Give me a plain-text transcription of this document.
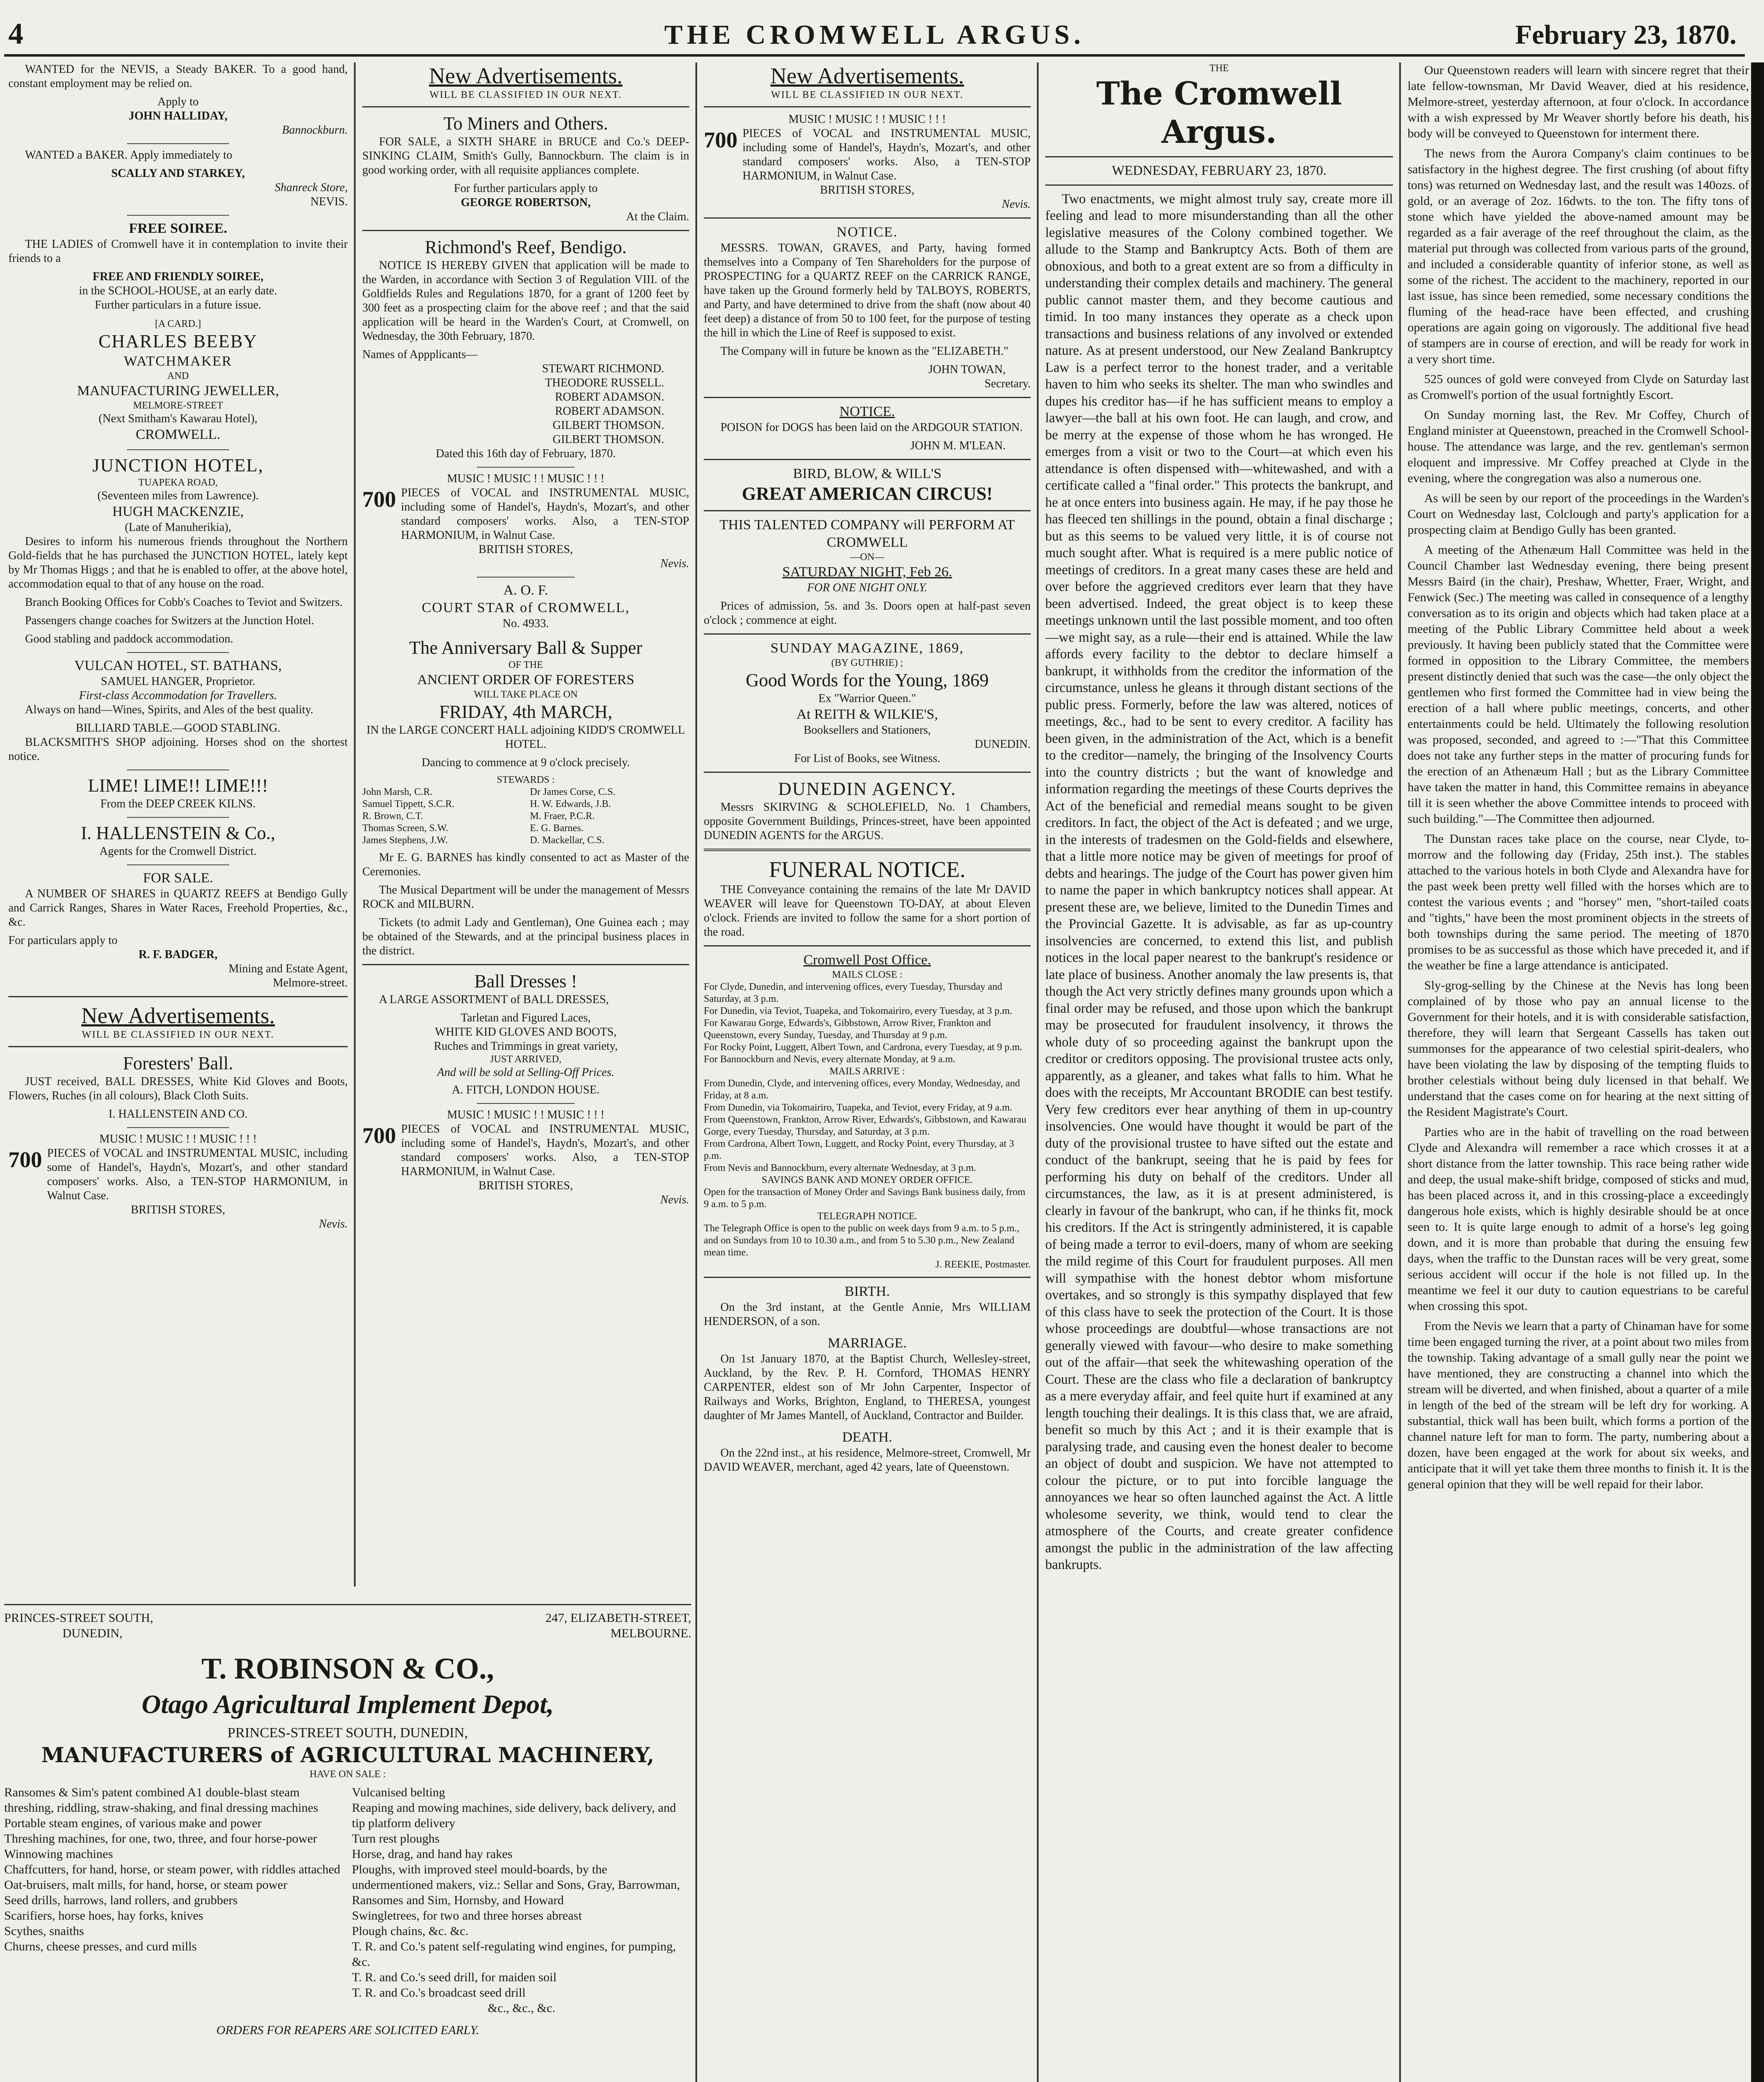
4	THE CROMWELL ARGUS.	February 23, 1870.

WANTED for the NEVIS, a Steady BAKER. To a good hand, constant employment may be relied on.

Apply to
JOHN HALLIDAY,
Bannockburn.

WANTED a BAKER. Apply immediately to

SCALLY AND STARKEY,
Shanreck Store,
NEVIS.
FREE SOIREE.

THE LADIES of Cromwell have it in contemplation to invite their friends to a

FREE AND FRIENDLY SOIREE,
in the SCHOOL-HOUSE, at an early date.
Further particulars in a future issue.
[A CARD.]
CHARLES BEEBY
WATCHMAKER
AND
MANUFACTURING JEWELLER,
MELMORE-STREET
(Next Smitham's Kawarau Hotel),
CROMWELL.
JUNCTION HOTEL,
TUAPEKA ROAD,
(Seventeen miles from Lawrence).
HUGH MACKENZIE,
(Late of Manuherikia),

Desires to inform his numerous friends throughout the Northern Gold-fields that he has purchased the JUNCTION HOTEL, lately kept by Mr Thomas Higgs ; and that he is enabled to offer, at the above hotel, accommodation equal to that of any house on the road.

Branch Booking Offices for Cobb's Coaches to Teviot and Switzers.

Passengers change coaches for Switzers at the Junction Hotel.

Good stabling and paddock accommodation.

VULCAN HOTEL, ST. BATHANS,
SAMUEL HANGER, Proprietor.
First-class Accommodation for Travellers.

Always on hand—Wines, Spirits, and Ales of the best quality.

BILLIARD TABLE.—GOOD STABLING.

BLACKSMITH'S SHOP adjoining. Horses shod on the shortest notice.

LIME! LIME!! LIME!!!
From the DEEP CREEK KILNS.
I. HALLENSTEIN & Co.,
Agents for the Cromwell District.
FOR SALE.

A NUMBER OF SHARES in QUARTZ REEFS at Bendigo Gully and Carrick Ranges, Shares in Water Races, Freehold Properties, &c., &c.

For particulars apply to
R. F. BADGER,
Mining and Estate Agent,
Melmore-street.
New Advertisements.
WILL BE CLASSIFIED IN OUR NEXT.
Foresters' Ball.

JUST received, BALL DRESSES, White Kid Gloves and Boots, Flowers, Ruches (in all colours), Black Cloth Suits.

I. HALLENSTEIN AND CO.
MUSIC ! MUSIC ! ! MUSIC ! ! !
700 PIECES of VOCAL and INSTRUMENTAL MUSIC, including some of Handel's, Haydn's, Mozart's, and other standard composers' works. Also, a TEN-STOP HARMONIUM, in Walnut Case.
BRITISH STORES,
Nevis.
New Advertisements.
WILL BE CLASSIFIED IN OUR NEXT.
To Miners and Others.

FOR SALE, a SIXTH SHARE in BRUCE and Co.'s DEEP-SINKING CLAIM, Smith's Gully, Bannockburn. The claim is in good working order, with all requisite appliances complete.

For further particulars apply to
GEORGE ROBERTSON,
At the Claim.
Richmond's Reef, Bendigo.

NOTICE IS HEREBY GIVEN that application will be made to the Warden, in accordance with Section 3 of Regulation VIII. of the Goldfields Rules and Regulations 1870, for a grant of 1200 feet by 300 feet as a prospecting claim for the above reef ; and that the said application will be heard in the Warden's Court, at Cromwell, on Wednesday, the 30th February, 1870.

Names of Appplicants—
STEWART RICHMOND.
THEODORE RUSSELL.
ROBERT ADAMSON.
ROBERT ADAMSON.
GILBERT THOMSON.
GILBERT THOMSON.
Dated this 16th day of February, 1870.
MUSIC ! MUSIC ! ! MUSIC ! ! !
700 PIECES of VOCAL and INSTRUMENTAL MUSIC, including some of Handel's, Haydn's, Mozart's, and other standard composers' works. Also, a TEN-STOP HARMONIUM, in Walnut Case.
BRITISH STORES,
Nevis.
A. O. F.
COURT STAR of CROMWELL,
No. 4933.
The Anniversary Ball & Supper
OF THE
ANCIENT ORDER OF FORESTERS
WILL TAKE PLACE ON
FRIDAY, 4th MARCH,
IN the LARGE CONCERT HALL adjoining KIDD'S CROMWELL HOTEL.
Dancing to commence at 9 o'clock precisely.
STEWARDS :
John Marsh, C.R.
Samuel Tippett, S.C.R.
R. Brown, C.T.
Thomas Screen, S.W.
James Stephens, J.W.
Dr James Corse, C.S.
H. W. Edwards, J.B.
M. Fraer, P.C.R.
E. G. Barnes.
D. Mackellar, C.S.

Mr E. G. BARNES has kindly consented to act as Master of the Ceremonies.

The Musical Department will be under the management of Messrs ROCK and MILBURN.

Tickets (to admit Lady and Gentleman), One Guinea each ; may be obtained of the Stewards, and at the principal business places in the district.

Ball Dresses !

A LARGE ASSORTMENT of BALL DRESSES,

Tarletan and Figured Laces,
WHITE KID GLOVES AND BOOTS,
Ruches and Trimmings in great variety,
JUST ARRIVED,
And will be sold at Selling-Off Prices.
A. FITCH, LONDON HOUSE.
MUSIC ! MUSIC ! ! MUSIC ! ! !
700 PIECES of VOCAL and INSTRUMENTAL MUSIC, including some of Handel's, Haydn's, Mozart's, and other standard composers' works. Also, a TEN-STOP HARMONIUM, in Walnut Case.
BRITISH STORES,
Nevis.
New Advertisements.
WILL BE CLASSIFIED IN OUR NEXT.
MUSIC ! MUSIC ! ! MUSIC ! ! !
700 PIECES of VOCAL and INSTRUMENTAL MUSIC, including some of Handel's, Haydn's, Mozart's, and other standard composers' works. Also, a TEN-STOP HARMONIUM, in Walnut Case.
BRITISH STORES,
Nevis.
NOTICE.

MESSRS. TOWAN, GRAVES, and Party, having formed themselves into a Company of Ten Shareholders for the purpose of PROSPECTING for a QUARTZ REEF on the CARRICK RANGE, have taken up the Ground formerly held by TALBOYS, ROBERTS, and Party, and have determined to drive from the shaft (now about 40 feet deep) a distance of from 50 to 100 feet, for the purpose of testing the hill in which the Line of Reef is supposed to exist.

The Company will in future be known as the "ELIZABETH."

JOHN TOWAN,
Secretary.
NOTICE.

POISON for DOGS has been laid on the ARDGOUR STATION.

JOHN M. M'LEAN.
BIRD, BLOW, & WILL'S
GREAT AMERICAN CIRCUS!
THIS TALENTED COMPANY will PERFORM AT CROMWELL
—ON—
SATURDAY NIGHT, Feb 26.
FOR ONE NIGHT ONLY.

Prices of admission, 5s. and 3s. Doors open at half-past seven o'clock ; commence at eight.

SUNDAY MAGAZINE, 1869,
(BY GUTHRIE) ;
Good Words for the Young, 1869
Ex "Warrior Queen."
At REITH & WILKIE'S,
Booksellers and Stationers,
DUNEDIN.
For List of Books, see Witness.
DUNEDIN AGENCY.

Messrs SKIRVING & SCHOLEFIELD, No. 1 Chambers, opposite Government Buildings, Princes-street, have been appointed DUNEDIN AGENTS for the ARGUS.

FUNERAL NOTICE.

THE Conveyance containing the remains of the late Mr DAVID WEAVER will leave for Queenstown TO-DAY, at about Eleven o'clock. Friends are invited to follow the same for a short portion of the road.

Cromwell Post Office.
MAILS CLOSE :
For Clyde, Dunedin, and intervening offices, every Tuesday, Thursday and Saturday, at 3 p.m.
For Dunedin, via Teviot, Tuapeka, and Tokomairiro, every Tuesday, at 3 p.m.
For Kawarau Gorge, Edwards's, Gibbstown, Arrow River, Frankton and Queenstown, every Sunday, Tuesday, and Thursday at 9 p.m.
For Rocky Point, Luggett, Albert Town, and Cardrona, every Tuesday, at 9 p.m.
For Bannockburn and Nevis, every alternate Monday, at 9 a.m.
MAILS ARRIVE :
From Dunedin, Clyde, and intervening offices, every Monday, Wednesday, and Friday, at 8 a.m.
From Dunedin, via Tokomairiro, Tuapeka, and Teviot, every Friday, at 9 a.m.
From Queenstown, Frankton, Arrow River, Edwards's, Gibbstown, and Kawarau Gorge, every Tuesday, Thursday, and Saturday, at 3 p.m.
From Cardrona, Albert Town, Luggett, and Rocky Point, every Thursday, at 3 p.m.
From Nevis and Bannockburn, every alternate Wednesday, at 3 p.m.
SAVINGS BANK AND MONEY ORDER OFFICE.
Open for the transaction of Money Order and Savings Bank business daily, from 9 a.m. to 5 p.m.
TELEGRAPH NOTICE.
The Telegraph Office is open to the public on week days from 9 a.m. to 5 p.m., and on Sundays from 10 to 10.30 a.m., and from 5 to 5.30 p.m., New Zealand mean time.
J. REEKIE, Postmaster.
BIRTH.

On the 3rd instant, at the Gentle Annie, Mrs WILLIAM HENDERSON, of a son.

MARRIAGE.

On 1st January 1870, at the Baptist Church, Wellesley-street, Auckland, by the Rev. P. H. Cornford, THOMAS HENRY CARPENTER, eldest son of Mr John Carpenter, Inspector of Railways and Works, Brighton, England, to THERESA, youngest daughter of Mr James Mantell, of Auckland, Contractor and Builder.

DEATH.

On the 22nd inst., at his residence, Melmore-street, Cromwell, Mr DAVID WEAVER, merchant, aged 42 years, late of Queenstown.

THE
The Cromwell Argus.
WEDNESDAY, FEBRUARY 23, 1870.

Two enactments, we might almost truly say, create more ill feeling and lead to more misunderstanding than all the other legislative measures of the Colony combined together. We allude to the Stamp and Bankruptcy Acts. Both of them are obnoxious, and both to a great extent are so from a difficulty in understanding their complex details and machinery. The general public cannot master them, and they become cautious and timid. In too many instances they operate as a check upon transactions and business relations of any involved or extended nature. As at present understood, our New Zealand Bankruptcy Law is a perfect terror to the honest trader, and a veritable haven to him who seeks its shelter. The man who swindles and dupes his creditor has—if he has sufficient means to employ a lawyer—the ball at his own foot. He can laugh, and crow, and be merry at the expense of those whom he has wronged. He emerges from a visit or two to the Court—at which even his attendance is often dispensed with—whitewashed, and with a certificate called a "final order." This protects the bankrupt, and he at once enters into business again. He may, if he pay those he has fleeced ten shillings in the pound, obtain a final discharge ; but as this seems to be valued very little, it is of course not much sought after. What is required is a mere public notice of meetings of creditors. In a great many cases these are held and over before the aggrieved creditors ever learn that they have been advertised. Indeed, the great object is to keep these meetings unknown until the last possible moment, and too often—we might say, as a rule—their end is attained. While the law affords every facility to the debtor to declare himself a bankrupt, it withholds from the creditor the information of the circumstance, unless he gleans it through distant sections of the public press. Formerly, before the law was altered, notices of meetings, &c., had to be sent to every creditor. A facility has been given, in the administration of the Act, which is a benefit to the creditor—namely, the bringing of the Insolvency Courts into the country districts ; but the want of knowledge and information regarding the meetings of these Courts deprives the Act of the beneficial and remedial means sought to be given creditors. In fact, the object of the Act is defeated ; and we urge, in the interests of tradesmen on the Gold-fields and elsewhere, that a little more notice may be given of meetings for proof of debts and hearings. The judge of the Court has power given him to name the paper in which bankruptcy notices shall appear. At present these are, we believe, limited to the Dunedin Times and the Provincial Gazette. It is advisable, as far as up-country insolvencies are concerned, to extend this list, and publish notices in the local paper nearest to the bankrupt's residence or late place of business. Another anomaly the law presents is, that though the Act very strictly defines many grounds upon which a final order may be refused, and those upon which the bankrupt may be prosecuted for fraudulent insolvency, it throws the whole duty of so proceeding against the bankrupt upon the creditor or creditors opposing. The provisional trustee acts only, apparently, as a gleaner, and takes what falls to him. What he does with the receipts, Mr Accountant BRODIE can best testify. Very few creditors ever hear anything of them in up-country insolvencies. One would have thought it would be part of the duty of the provisional trustee to have sifted out the estate and conduct of the bankrupt, seeing that he is paid by fees for performing his duty on behalf of the creditors. Under all circumstances, the law, as it is at present administered, is clearly in favour of the bankrupt, who can, if he thinks fit, mock his creditors. If the Act is stringently administered, it is capable of being made a terror to evil-doers, many of whom are seeking the mild regime of this Court for fraudulent purposes. All men will sympathise with the honest debtor whom misfortune overtakes, and so strongly is this sympathy displayed that few of this class have to seek the protection of the Court. It is those whose proceedings are doubtful—whose transactions are not generally viewed with favour—who desire to make something out of the affair—that seek the whitewashing operation of the Court. These are the class who file a declaration of bankruptcy as a mere everyday affair, and feel quite hurt if examined at any length touching their dealings. It is this class that, we are afraid, benefit so much by this Act ; and it is their example that is paralysing trade, and causing even the honest dealer to become an object of doubt and suspicion. We have not attempted to colour the picture, or to put into forcible language the annoyances we hear so often launched against the Act. A little wholesome severity, we think, would tend to clear the atmosphere of the Courts, and create greater confidence amongst the public in the administration of the law affecting bankrupts.

Our Queenstown readers will learn with sincere regret that their late fellow-townsman, Mr David Weaver, died at his residence, Melmore-street, yesterday afternoon, at four o'clock. In accordance with a wish expressed by Mr Weaver shortly before his death, his body will be conveyed to Queenstown for interment there.

The news from the Aurora Company's claim continues to be satisfactory in the highest degree. The first crushing (of about fifty tons) was returned on Wednesday last, and the result was 140ozs. of gold, or an average of 2oz. 16dwts. to the ton. The fifty tons of stone which have yielded the above-named amount may be regarded as a fair average of the reef throughout the claim, as the material put through was collected from various parts of the ground, and included a considerable quantity of inferior stone, as well as some of the richest. The accident to the machinery, reported in our last issue, has since been remedied, some necessary conditions the fluming of the head-race have been effected, and crushing operations are again going on vigorously. The additional five head of stampers are in course of erection, and will be ready for work in a very short time.

525 ounces of gold were conveyed from Clyde on Saturday last as Cromwell's portion of the usual fortnightly Escort.

On Sunday morning last, the Rev. Mr Coffey, Church of England minister at Queenstown, preached in the Cromwell School-house. The attendance was large, and the rev. gentleman's sermon eloquent and impressive. Mr Coffey preached at Clyde in the evening, where the congregation was also a numerous one.

As will be seen by our report of the proceedings in the Warden's Court on Wednesday last, Colclough and party's application for a prospecting claim at Bendigo Gully has been granted.

A meeting of the Athenæum Hall Committee was held in the Council Chamber last Wednesday evening, there being present Messrs Baird (in the chair), Preshaw, Whetter, Fraer, Wright, and Fenwick (Sec.) The meeting was called in consequence of a lengthy conversation as to its origin and objects which had taken place at a meeting of the Public Library Committee held about a week previously. It having been publicly stated that the Committee were formed in opposition to the Library Committee, the members present distinctly denied that such was the case—the only object the gentlemen who first formed the Committee had in view being the erection of a hall where public meetings, concerts, and other entertainments could be held. Ultimately the following resolution was proposed, seconded, and agreed to :—"That this Committee does not take any further steps in the matter of procuring funds for the erection of an Athenæum Hall ; but as the Library Committee have taken the matter in hand, this Committee remains in abeyance till it is seen whether the above Committee intends to proceed with such building."—The Committee then adjourned.

The Dunstan races take place on the course, near Clyde, to-morrow and the following day (Friday, 25th inst.). The stables attached to the various hotels in both Clyde and Alexandra have for the past week been pretty well filled with the horses which are to contest the various events ; and "horsey" men, "short-tailed coats and "tights," have been the most prominent objects in the streets of both townships during the same period. The meeting of 1870 promises to be as successful as those which have preceded it, and if the weather be fine a large attendance is anticipated.

Sly-grog-selling by the Chinese at the Nevis has long been complained of by those who pay an annual license to the Government for their hotels, and it is with considerable satisfaction, therefore, they will learn that Sergeant Cassells has taken out summonses for the appearance of two celestial spirit-dealers, who have been violating the law by disposing of the tempting fluids to brother celestials without being duly licensed in that behalf. We understand that the cases come on for hearing at the next sitting of the Resident Magistrate's Court.

Parties who are in the habit of travelling on the road between Clyde and Alexandra will remember a race which crosses it at a short distance from the latter township. This race being rather wide and deep, the usual make-shift bridge, composed of sticks and mud, has been placed across it, and in this crossing-place a exceedingly dangerous hole exists, which is highly desirable should be at once seen to. It is quite large enough to admit of a horse's leg going down, and it is more than probable that during the ensuing few days, when the traffic to the Dunstan races will be very great, some serious accident will occur if the hole is not filled up. In the meantime we feel it our duty to caution equestrians to be careful when crossing this spot.

From the Nevis we learn that a party of Chinaman have for some time been engaged turning the river, at a point about two miles from the township. Taking advantage of a small gully near the point we have mentioned, they are constructing a channel into which the stream will be diverted, and when finished, about a quarter of a mile in length of the bed of the stream will be left dry for working. A substantial, thick wall has been built, which forms a portion of the channel nature left for man to form. The party, numbering about a dozen, have been engaged at the work for about six weeks, and anticipate that it will yet take them three months to finish it. It is the general opinion that they will be well repaid for their labor.

PRINCES-STREET SOUTH,
DUNEDIN,
247, ELIZABETH-STREET,
MELBOURNE.
T. ROBINSON & CO.,
Otago Agricultural Implement Depot,
PRINCES-STREET SOUTH, DUNEDIN,
MANUFACTURERS of AGRICULTURAL MACHINERY,
HAVE ON SALE :
Ransomes & Sim's patent combined A1 double-blast steam threshing, riddling, straw-shaking, and final dressing machines
Portable steam engines, of various make and power
Threshing machines, for one, two, three, and four horse-power
Winnowing machines
Chaffcutters, for hand, horse, or steam power, with riddles attached
Oat-bruisers, malt mills, for hand, horse, or steam power
Seed drills, harrows, land rollers, and grubbers
Scarifiers, horse hoes, hay forks, knives
Scythes, snaiths
Churns, cheese presses, and curd mills
Vulcanised belting
Reaping and mowing machines, side delivery, back delivery, and tip platform delivery
Turn rest ploughs
Horse, drag, and hand hay rakes
Ploughs, with improved steel mould-boards, by the undermentioned makers, viz.: Sellar and Sons, Gray, Barrowman, Ransomes and Sim, Hornsby, and Howard
Swingletrees, for two and three horses abreast
Plough chains, &c. &c.
T. R. and Co.'s patent self-regulating wind engines, for pumping, &c.
T. R. and Co.'s seed drill, for maiden soil
T. R. and Co.'s broadcast seed drill
&c., &c., &c.
ORDERS FOR REAPERS ARE SOLICITED EARLY.
